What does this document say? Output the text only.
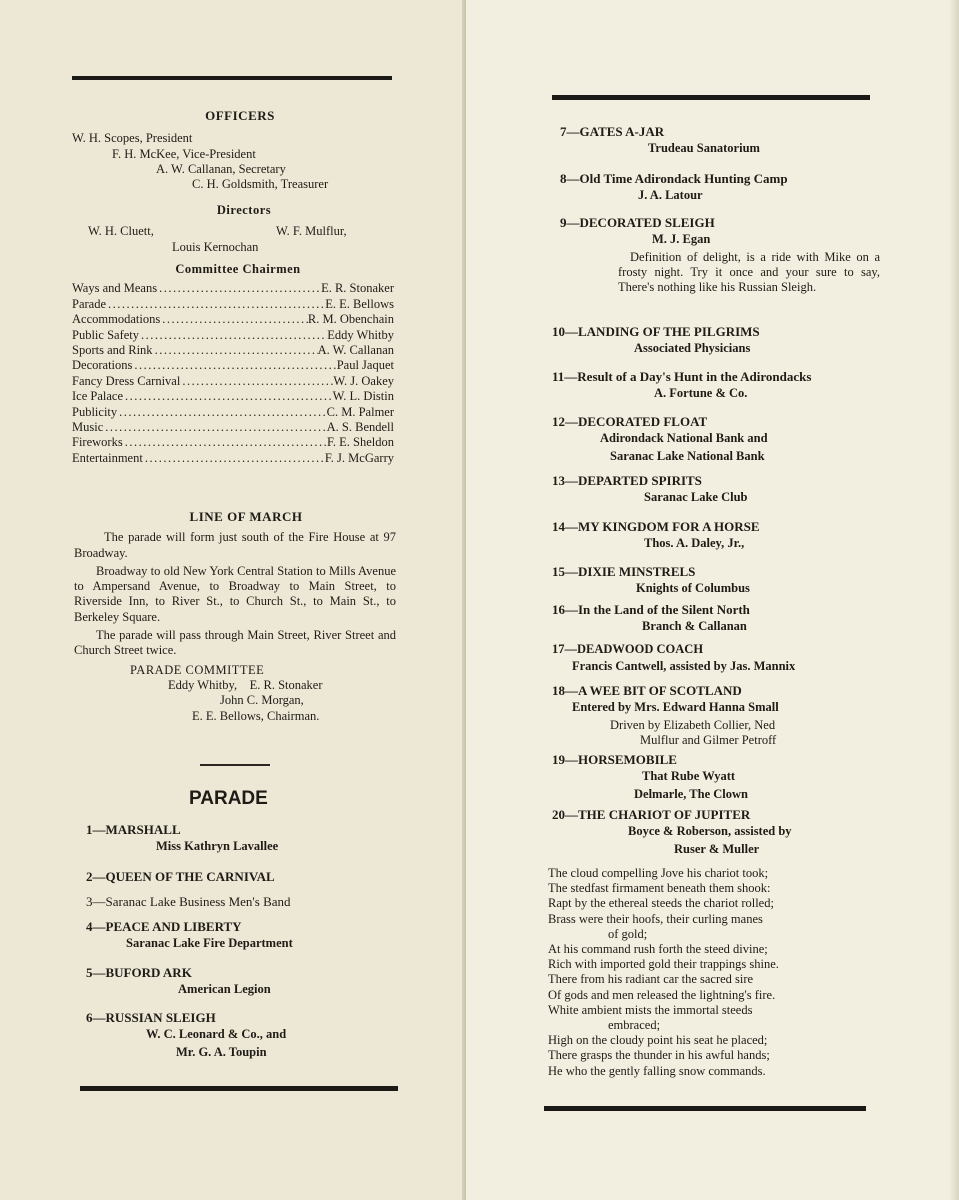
OFFICERS
W. H. Scopes, President
F. H. McKee, Vice-President
A. W. Callanan, Secretary
C. H. Goldsmith, Treasurer
Directors
W. H. Cluett,	W. F. Mulflur,
Louis Kernochan
Committee Chairmen
Ways and Means .....	E. R. Stonaker
Parade .....	E. E. Bellows
Accommodations .....	R. M. Obenchain
Public Safety .....	Eddy Whitby
Sports and Rink .....	A. W. Callanan
Decorations .....	Paul Jaquet
Fancy Dress Carnival .....	W. J. Oakey
Ice Palace .....	W. L. Distin
Publicity .....	C. M. Palmer
Music .....	A. S. Bendell
Fireworks .....	F. E. Sheldon
Entertainment .....	F. J. McGarry
LINE OF MARCH

The parade will form just south of the Fire House at 97 Broadway.

Broadway to old New York Central Station to Mills Avenue to Ampersand Avenue, to Broadway to Main Street, to Riverside Inn, to River St., to Church St., to Main St., to Berkeley Square.

The parade will pass through Main Street, River Street and Church Street twice.

PARADE COMMITTEE
Eddy Whitby,    E. R. Stonaker
John C. Morgan,
E. E. Bellows, Chairman.
PARADE
1—MARSHALL
Miss Kathryn Lavallee
2—QUEEN OF THE CARNIVAL
3—Saranac Lake Business Men's Band
4—PEACE AND LIBERTY
Saranac Lake Fire Department
5—BUFORD ARK
American Legion
6—RUSSIAN SLEIGH
W. C. Leonard & Co., and
Mr. G. A. Toupin
7—GATES A-JAR
Trudeau Sanatorium
8—Old Time Adirondack Hunting Camp
J. A. Latour
9—DECORATED SLEIGH
M. J. Egan

Definition of delight, is a ride with Mike on a frosty night. Try it once and your sure to say, There's nothing like his Russian Sleigh.

10—LANDING OF THE PILGRIMS
Associated Physicians
11—Result of a Day's Hunt in the Adirondacks
A. Fortune & Co.
12—DECORATED FLOAT
Adirondack National Bank and
Saranac Lake National Bank
13—DEPARTED SPIRITS
Saranac Lake Club
14—MY KINGDOM FOR A HORSE
Thos. A. Daley, Jr.,
15—DIXIE MINSTRELS
Knights of Columbus
16—In the Land of the Silent North
Branch & Callanan
17—DEADWOOD COACH
Francis Cantwell, assisted by Jas. Mannix
18—A WEE BIT OF SCOTLAND
Entered by Mrs. Edward Hanna Small
Driven by Elizabeth Collier, Ned
Mulflur and Gilmer Petroff
19—HORSEMOBILE
That Rube Wyatt
Delmarle, The Clown
20—THE CHARIOT OF JUPITER
Boyce & Roberson, assisted by
Ruser & Muller
The cloud compelling Jove his chariot took;
The stedfast firmament beneath them shook:
Rapt by the ethereal steeds the chariot rolled;
Brass were their hoofs, their curling manes
of gold;
At his command rush forth the steed divine;
Rich with imported gold their trappings shine.
There from his radiant car the sacred sire
Of gods and men released the lightning's fire.
White ambient mists the immortal steeds
embraced;
High on the cloudy point his seat he placed;
There grasps the thunder in his awful hands;
He who the gently falling snow commands.
